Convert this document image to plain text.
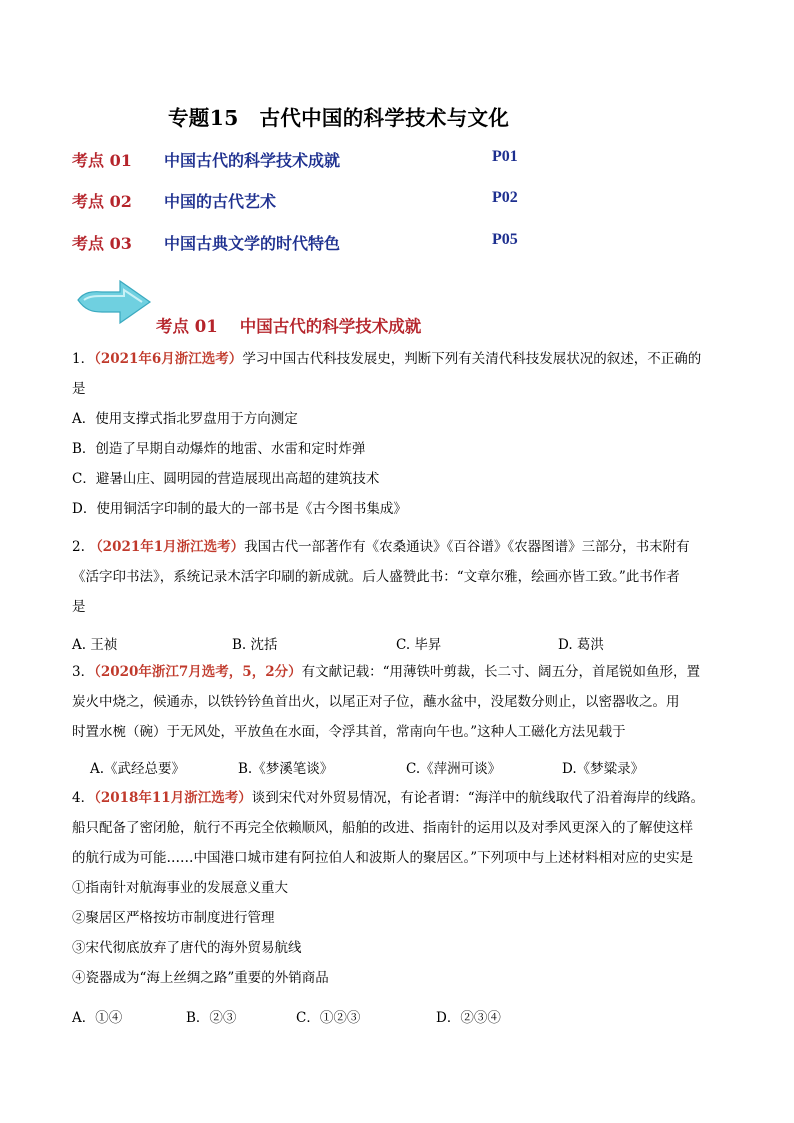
专题15　古代中国的科学技术与文化
考点 01 中国古代的科学技术成就	P01
考点 02 中国的古代艺术	P02
考点 03 中国古典文学的时代特色	P05
考点 01 中国古代的科学技术成就
1．（2021年6月浙江选考）学习中国古代科技发展史，判断下列有关清代科技发展状况的叙述，不正确的
是
A．使用支撑式指北罗盘用于方向测定
B．创造了早期自动爆炸的地雷、水雷和定时炸弹
C．避暑山庄、圆明园的营造展现出高超的建筑技术
D．使用铜活字印制的最大的一部书是《古今图书集成》
2. （2021年1月浙江选考）我国古代一部著作有《农桑通诀》《百谷谱》《农器图谱》三部分，书末附有
《活字印书法》，系统记录木活字印刷的新成就。后人盛赞此书：“文章尔雅，绘画亦皆工致。”此书作者
是
A. 王祯	B. 沈括	C. 毕昇	D. 葛洪
3．（2020年浙江7月选考，5，2分）有文献记载：“用薄铁叶剪裁，长二寸、阔五分，首尾锐如鱼形，置
炭火中烧之，候通赤，以铁钤钤鱼首出火，以尾正对子位，蘸水盆中，没尾数分则止，以密器收之。用
时置水椀（碗）于无风处，平放鱼在水面，令浮其首，常南向午也。”这种人工磁化方法见载于
A.《武经总要》	B.《梦溪笔谈》	C.《萍洲可谈》	D.《梦粱录》
4．（2018年11月浙江选考）谈到宋代对外贸易情况，有论者谓：“海洋中的航线取代了沿着海岸的线路。
船只配备了密闭舱，航行不再完全依赖顺风，船舶的改进、指南针的运用以及对季风更深入的了解使这样
的航行成为可能……中国港口城市建有阿拉伯人和波斯人的聚居区。”下列项中与上述材料相对应的史实是
①指南针对航海事业的发展意义重大
②聚居区严格按坊市制度进行管理
③宋代彻底放弃了唐代的海外贸易航线
④瓷器成为“海上丝绸之路”重要的外销商品
A．①④	B．②③	C．①②③	D．②③④
